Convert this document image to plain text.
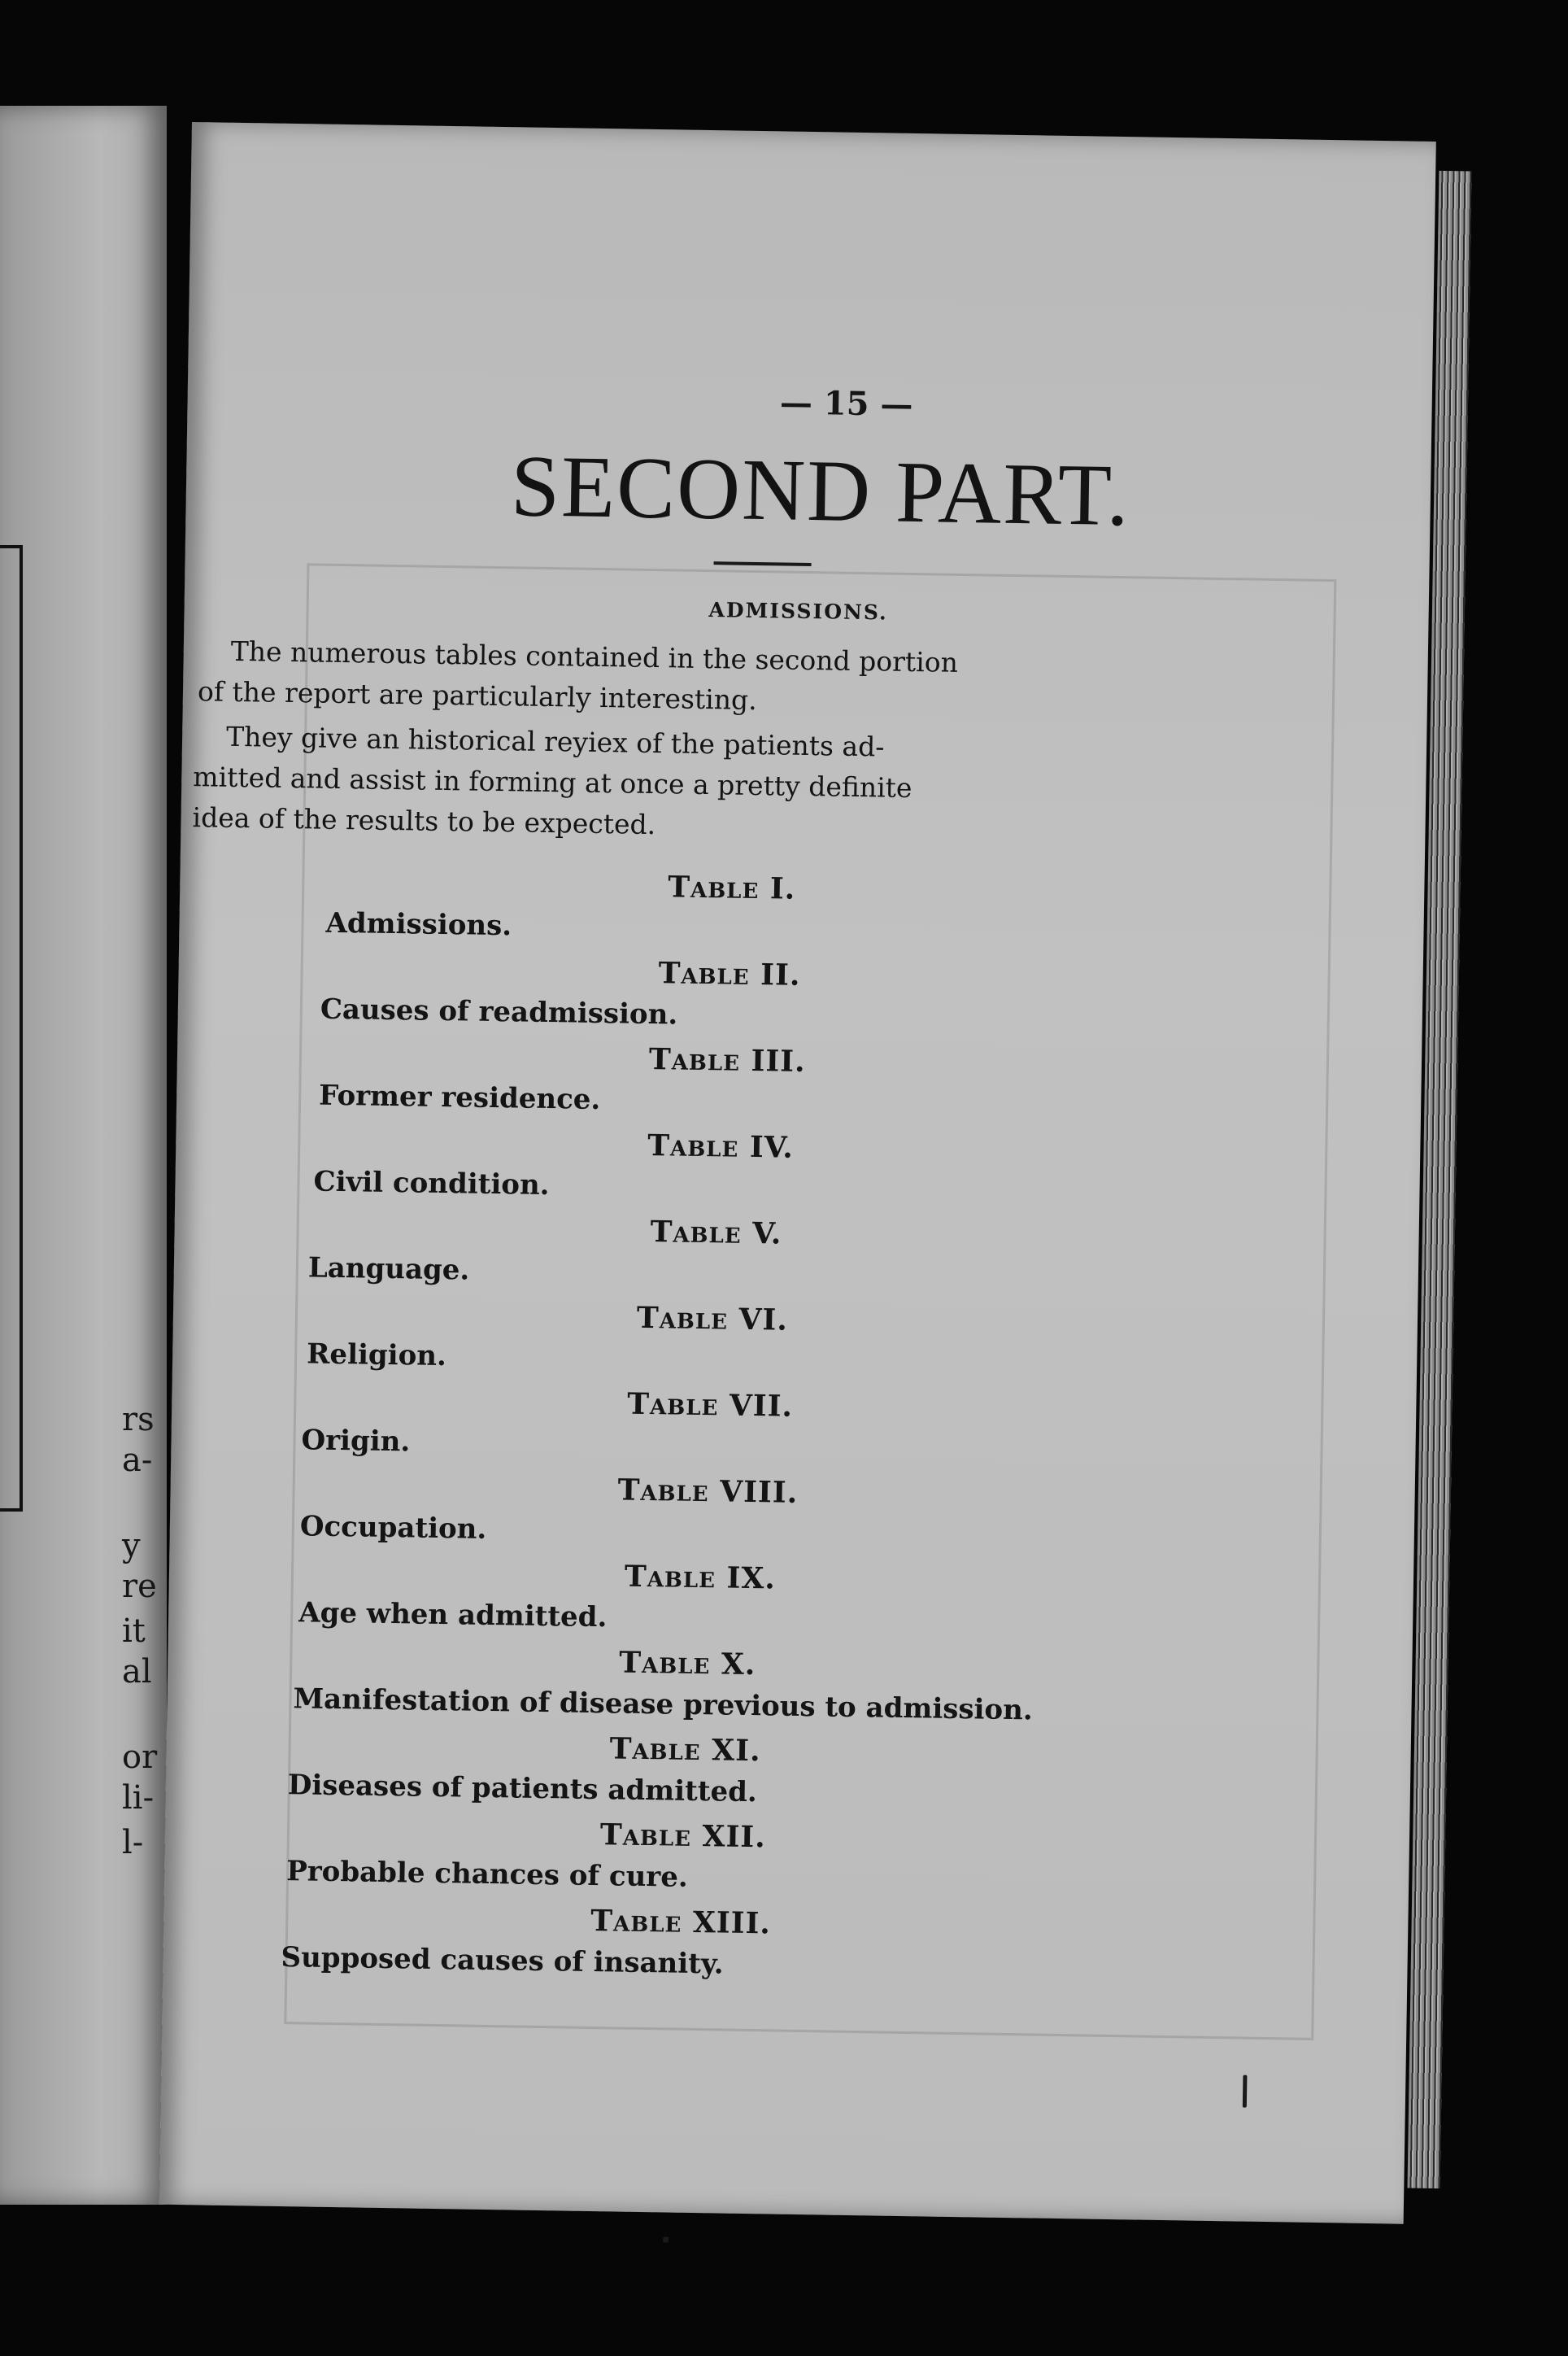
rs
a-
y
re
it
al
or
li-
l-
— 15 —
SECOND PART.
ADMISSIONS.
The numerous tables contained in the second portion
of the report are particularly interesting.
They give an historical reyiex of the patients ad-
mitted and assist in forming at once a pretty definite
idea of the results to be expected.
TABLE I.
Admissions.
TABLE II.
Causes of readmission.
TABLE III.
Former residence.
TABLE IV.
Civil condition.
TABLE V.
Language.
TABLE VI.
Religion.
TABLE VII.
Origin.
TABLE VIII.
Occupation.
TABLE IX.
Age when admitted.
TABLE X.
Manifestation of disease previous to admission.
TABLE XI.
Diseases of patients admitted.
TABLE XII.
Probable chances of cure.
TABLE XIII.
Supposed causes of insanity.
